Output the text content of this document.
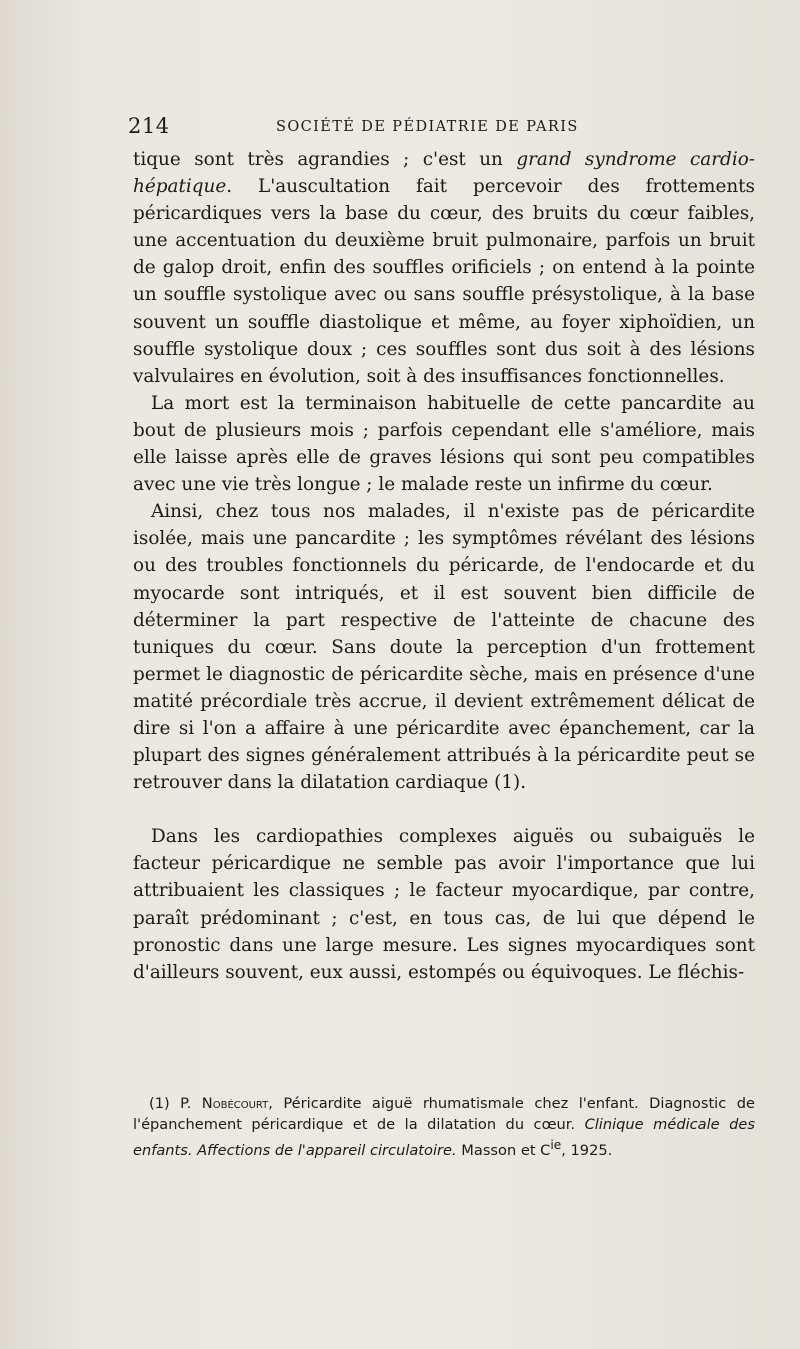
214	SOCIÉTÉ DE PÉDIATRIE DE PARIS

tique sont très agrandies ; c'est un grand syndrome cardio-hépatique. L'auscultation fait percevoir des frottements péricardiques vers la base du cœur, des bruits du cœur faibles, une accentuation du deuxième bruit pulmonaire, parfois un bruit de galop droit, enfin des souffles orificiels ; on entend à la pointe un souffle systolique avec ou sans souffle présystolique, à la base souvent un souffle diastolique et même, au foyer xiphoïdien, un souffle systolique doux ; ces souffles sont dus soit à des lésions valvulaires en évolution, soit à des insuffisances fonctionnelles.

La mort est la terminaison habituelle de cette pancardite au bout de plusieurs mois ; parfois cependant elle s'améliore, mais elle laisse après elle de graves lésions qui sont peu compatibles avec une vie très longue ; le malade reste un infirme du cœur.

Ainsi, chez tous nos malades, il n'existe pas de péricardite isolée, mais une pancardite ; les symptômes révélant des lésions ou des troubles fonctionnels du péricarde, de l'endocarde et du myocarde sont intriqués, et il est souvent bien difficile de déterminer la part respective de l'atteinte de chacune des tuniques du cœur. Sans doute la perception d'un frottement permet le diagnostic de péricardite sèche, mais en présence d'une matité précordiale très accrue, il devient extrêmement délicat de dire si l'on a affaire à une péricardite avec épanchement, car la plupart des signes généralement attribués à la péricardite peut se retrouver dans la dilatation cardiaque (1).

Dans les cardiopathies complexes aiguës ou subaiguës le facteur péricardique ne semble pas avoir l'importance que lui attribuaient les classiques ; le facteur myocardique, par contre, paraît prédominant ; c'est, en tous cas, de lui que dépend le pronostic dans une large mesure. Les signes myocardiques sont d'ailleurs souvent, eux aussi, estompés ou équivoques. Le fléchis-

(1) P. Nobécourt, Péricardite aiguë rhumatismale chez l'enfant. Diagnostic de l'épanchement péricardique et de la dilatation du cœur. Clinique médicale des enfants. Affections de l'appareil circulatoire. Masson et $C^{ie}$, 1925.
